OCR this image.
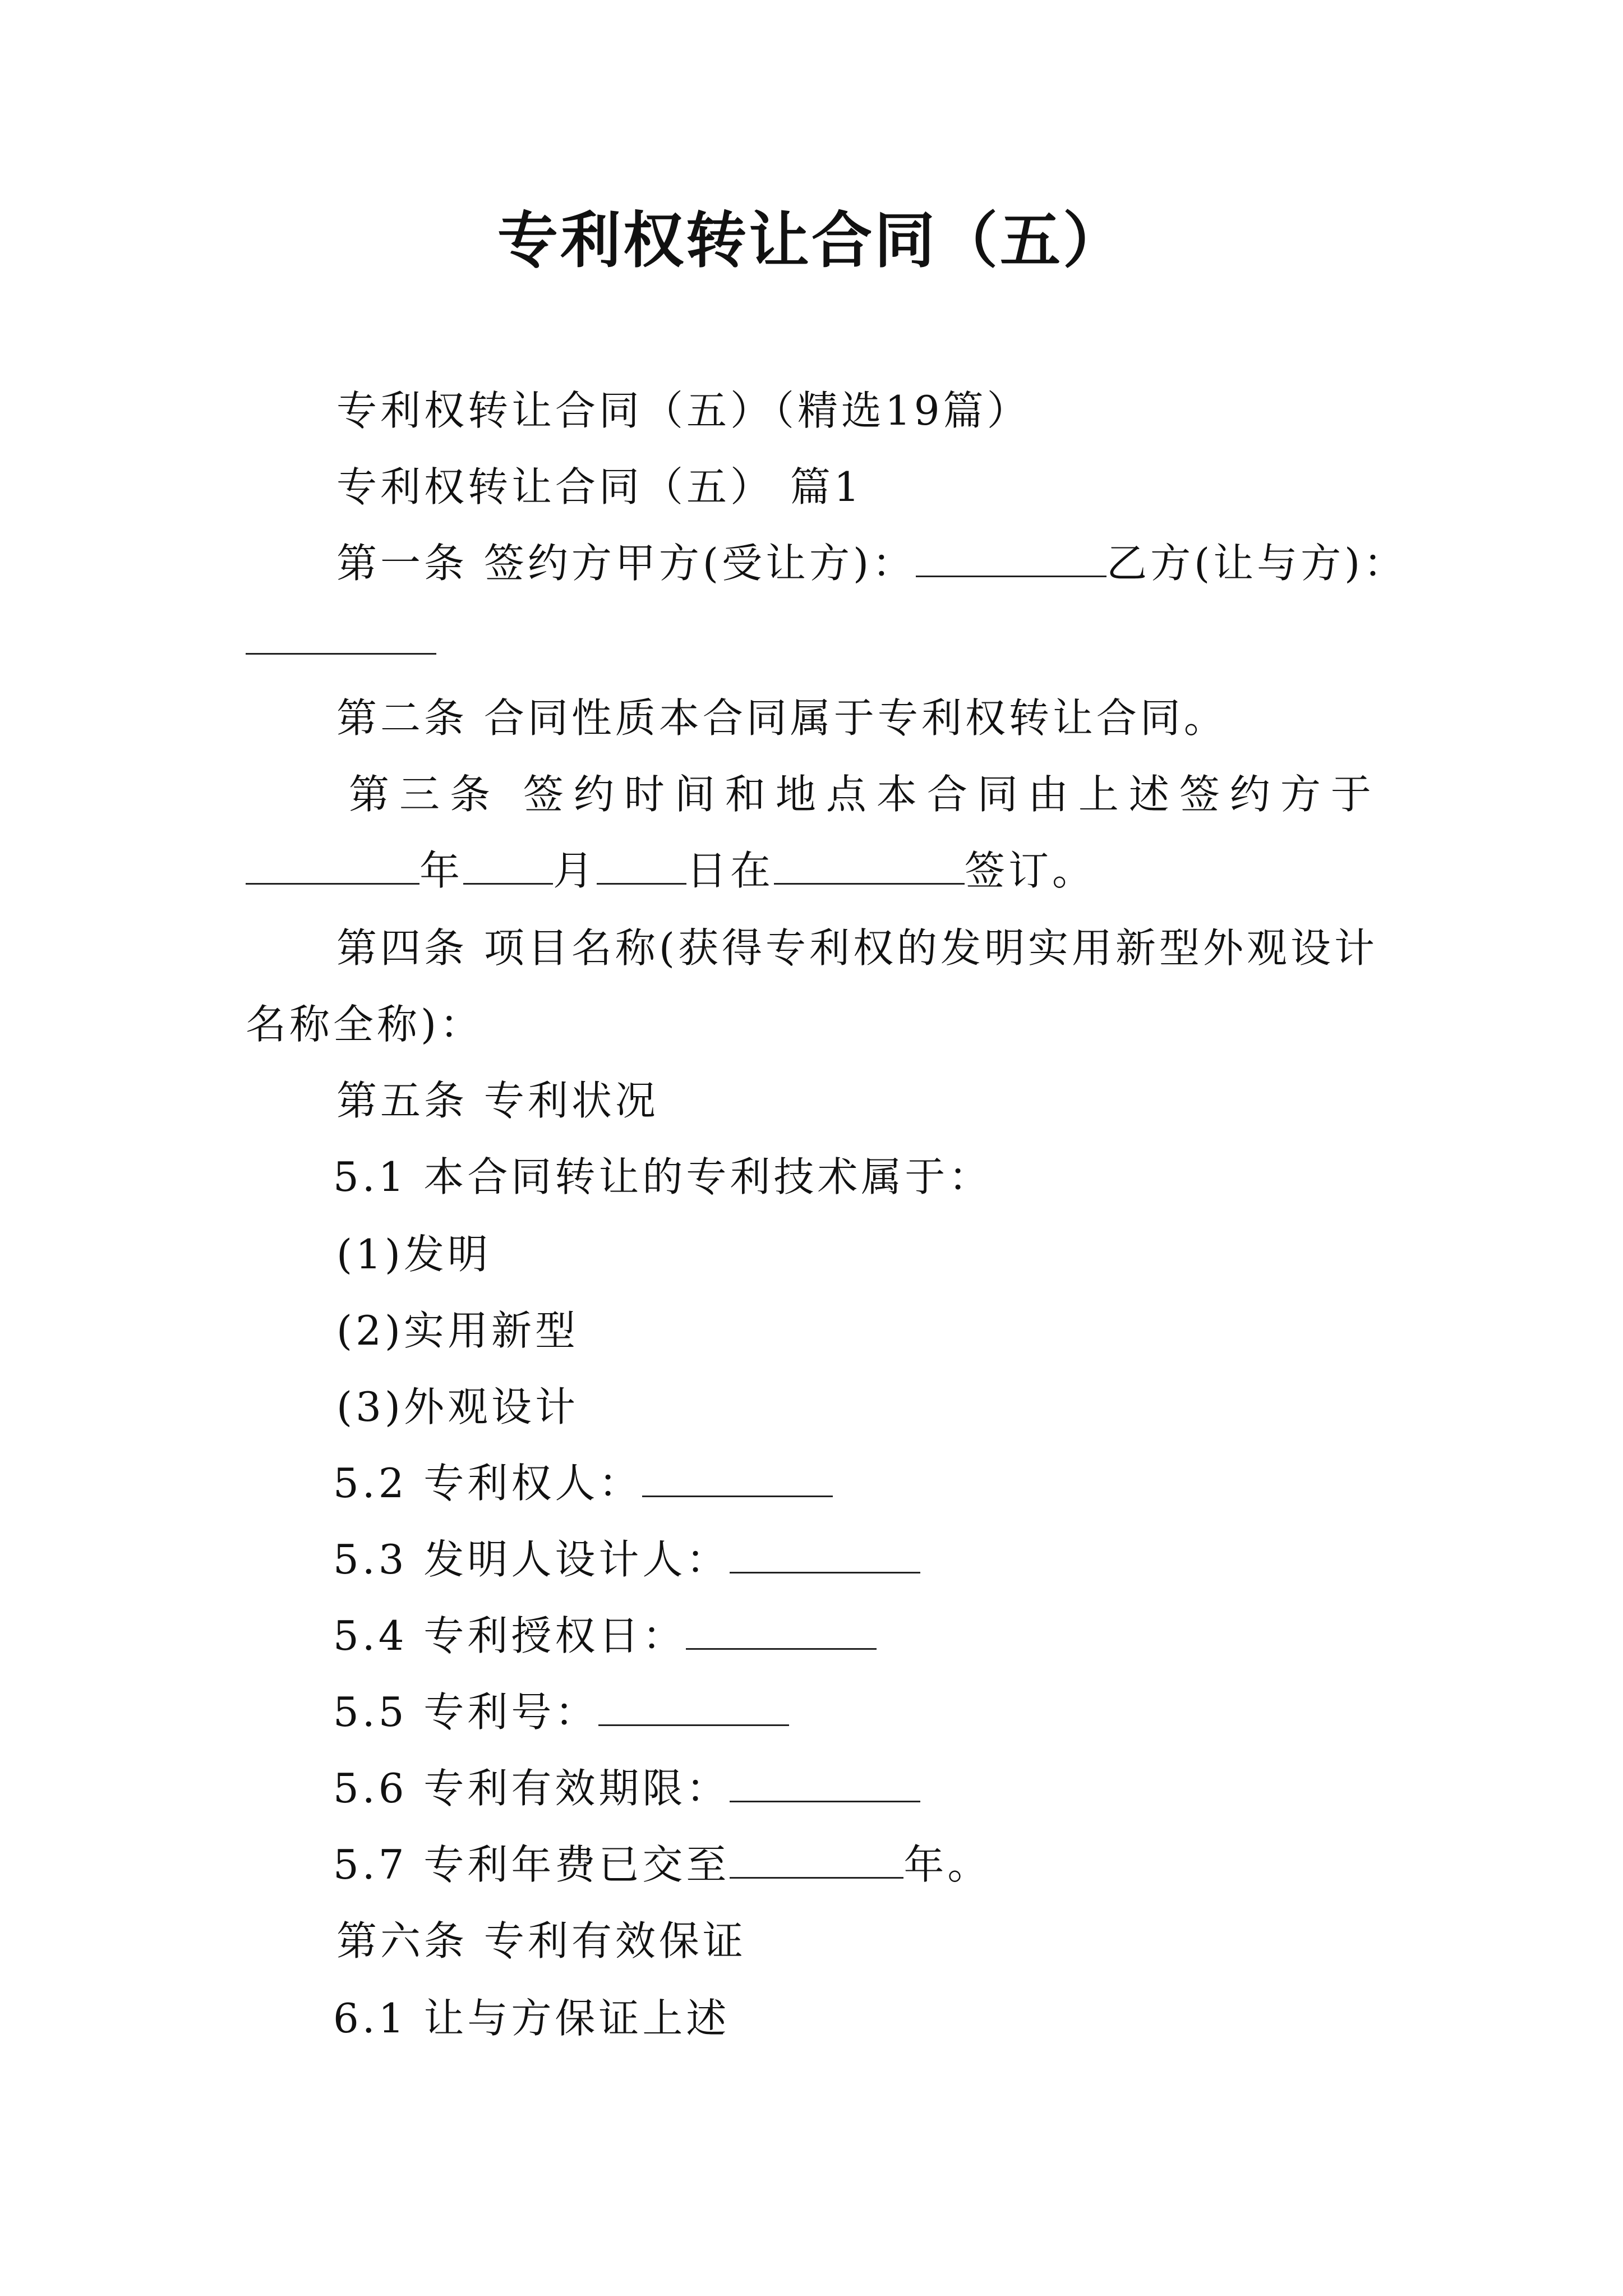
专利权转让合同（五）
专利权转让合同（五）（精选19篇）
专利权转让合同（五） 篇1
第一条 签约方甲方(受让方)：	乙方(让与方)：
第二条 合同性质本合同属于专利权转让合同。
第三条 签约时间和地点本合同由上述签约方于
年 月 日在	签订。
第四条 项目名称(获得专利权的发明实用新型外观设计
名称全称)：
第五条 专利状况
5.1 本合同转让的专利技术属于：
(1)发明
(2)实用新型
(3)外观设计
5.2 专利权人：
5.3 发明人设计人：
5.4 专利授权日：
5.5 专利号：
5.6 专利有效期限：
5.7 专利年费已交至	年。
第六条 专利有效保证
6.1 让与方保证上述
